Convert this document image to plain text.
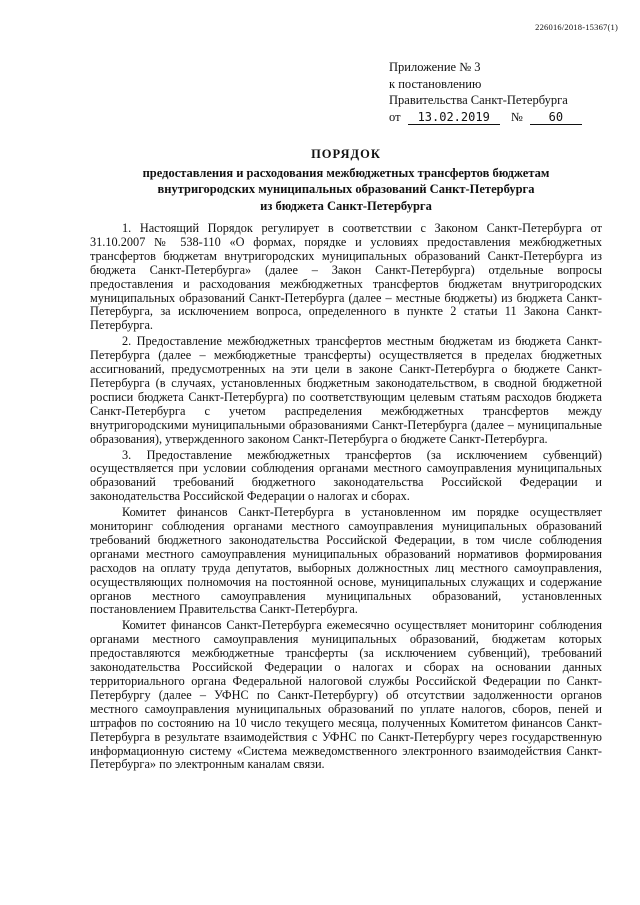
226016/2018-15367(1)
Приложение № 3
к постановлению
Правительства Санкт-Петербурга
от 13.02.2019 № 60
ПОРЯДОК
предоставления и расходования межбюджетных трансфертов бюджетам
внутригородских муниципальных образований Санкт-Петербурга
из бюджета Санкт-Петербурга

1. Настоящий Порядок регулирует в соответствии с Законом Санкт-Петербурга от 31.10.2007 № 538-110 «О формах, порядке и условиях предоставления межбюджетных трансфертов бюджетам внутригородских муниципальных образований Санкт-Петербурга из бюджета Санкт-Петербурга» (далее – Закон Санкт-Петербурга) отдельные вопросы предоставления и расходования межбюджетных трансфертов бюджетам внутригородских муниципальных образований Санкт-Петербурга (далее – местные бюджеты) из бюджета Санкт-Петербурга, за исключением вопроса, определенного в пункте 2 статьи 11 Закона Санкт-Петербурга.

2. Предоставление межбюджетных трансфертов местным бюджетам из бюджета Санкт-Петербурга (далее – межбюджетные трансферты) осуществляется в пределах бюджетных ассигнований, предусмотренных на эти цели в законе Санкт-Петербурга о бюджете Санкт-Петербурга (в случаях, установленных бюджетным законодательством, в сводной бюджетной росписи бюджета Санкт-Петербурга) по соответствующим целевым статьям расходов бюджета Санкт-Петербурга с учетом распределения межбюджетных трансфертов между внутригородскими муниципальными образованиями Санкт-Петербурга (далее – муниципальные образования), утвержденного законом Санкт-Петербурга о бюджете Санкт-Петербурга.

3. Предоставление межбюджетных трансфертов (за исключением субвенций) осуществляется при условии соблюдения органами местного самоуправления муниципальных образований требований бюджетного законодательства Российской Федерации и законодательства Российской Федерации о налогах и сборах.

Комитет финансов Санкт-Петербурга в установленном им порядке осуществляет мониторинг соблюдения органами местного самоуправления муниципальных образований требований бюджетного законодательства Российской Федерации, в том числе соблюдения органами местного самоуправления муниципальных образований нормативов формирования расходов на оплату труда депутатов, выборных должностных лиц местного самоуправления, осуществляющих полномочия на постоянной основе, муниципальных служащих и содержание органов местного самоуправления муниципальных образований, установленных постановлением Правительства Санкт-Петербурга.

Комитет финансов Санкт-Петербурга ежемесячно осуществляет мониторинг соблюдения органами местного самоуправления муниципальных образований, бюджетам которых предоставляются межбюджетные трансферты (за исключением субвенций), требований законодательства Российской Федерации о налогах и сборах на основании данных территориального органа Федеральной налоговой службы Российской Федерации по Санкт-Петербургу (далее – УФНС по Санкт-Петербургу) об отсутствии задолженности органов местного самоуправления муниципальных образований по уплате налогов, сборов, пеней и штрафов по состоянию на 10 число текущего месяца, полученных Комитетом финансов Санкт-Петербурга в результате взаимодействия с УФНС по Санкт-Петербургу через государственную информационную систему «Система межведомственного электронного взаимодействия Санкт-Петербурга» по электронным каналам связи.
